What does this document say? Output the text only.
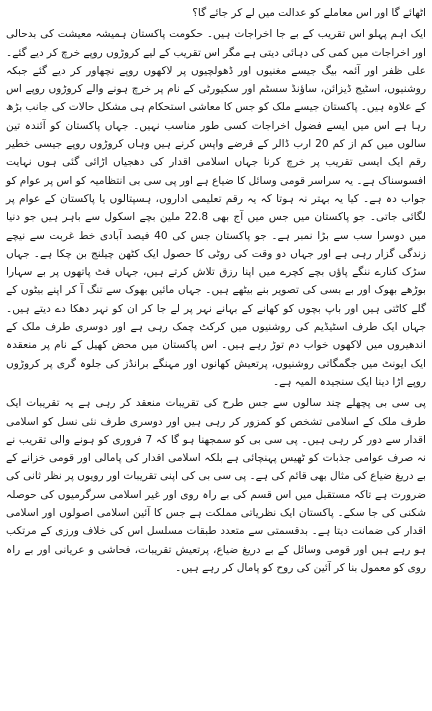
اٹھائے گا اور اس معاملے کو عدالت میں لے کر جائے گا؟

ایک اہم پہلو اس تقریب کے بے جا اخراجات ہیں۔ حکومت پاکستان ہمیشہ معیشت کی بدحالی اور اخراجات میں کمی کی دہائی دیتی ہے مگر اس تقریب کے لیے کروڑوں روپے خرچ کر دیے گئے۔ علی ظفر اور آئمہ بیگ جیسے مغنیوں اور ڈھولچیوں پر لاکھوں روپے نچھاور کر دیے گئے جبکہ روشنیوں، اسٹیج ڈیزائن، ساؤنڈ سسٹم اور سکیورٹی کے نام پر خرچ ہونے والے کروڑوں روپے اس کے علاوہ ہیں۔ پاکستان جیسے ملک کو جس کا معاشی استحکام ہی مشکل حالات کی جانب بڑھ رہا ہے اس میں ایسے فضول اخراجات کسی طور مناسب نہیں۔ جہاں پاکستان کو آئندہ تین سالوں میں کم از کم 20 ارب ڈالر کے قرضے واپس کرنے ہیں وہاں کروڑوں روپے جیسی خطیر رقم ایک ایسی تقریب پر خرچ کرنا جہاں اسلامی اقدار کی دھجیاں اڑائی گئی ہوں نہایت افسوسناک ہے۔ یہ سراسر قومی وسائل کا ضیاع ہے اور پی سی بی انتظامیہ کو اس پر عوام کو جواب دہ ہے۔ کیا یہ بہتر نہ ہوتا کہ یہ رقم تعلیمی اداروں، ہسپتالوں یا پاکستان کے عوام پر لگائی جاتی۔ جو پاکستان میں جس میں آج بھی 22.8 ملین بچے اسکول سے باہر ہیں جو دنیا میں دوسرا سب سے بڑا نمبر ہے۔ جو پاکستان جس کی 40 فیصد آبادی خط غربت سے نیچے زندگی گزار رہی ہے اور جہاں دو وقت کی روٹی کا حصول ایک کٹھن چیلنج بن چکا ہے۔ جہاں سڑک کنارے ننگے پاؤں بچے کچرے میں اپنا رزق تلاش کرتے ہیں، جہاں فٹ پاتھوں پر بے سہارا بوڑھے بھوک اور بے بسی کی تصویر بنے بیٹھے ہیں۔ جہاں مائیں بھوک سے تنگ آ کر اپنے بیٹوں کے گلے کاٹتی ہیں اور باپ بچوں کو کھانے کے بہانے نہر پر لے جا کر ان کو نہر دھکا دے دیتے ہیں۔ جہاں ایک طرف اسٹیڈیم کی روشنیوں میں کرکٹ چمک رہی ہے اور دوسری طرف ملک کے اندھیروں میں لاکھوں خواب دم توڑ رہے ہیں۔ اس پاکستان میں محض کھیل کے نام پر منعقدہ ایک ایونٹ میں جگمگاتی روشنیوں، پرتعیش کھانوں اور مہنگے برانڈز کی جلوہ گری پر کروڑوں روپے اڑا دینا ایک سنجیدہ المیہ ہے۔

پی سی بی پچھلے چند سالوں سے جس طرح کی تقریبات منعقد کر رہی ہے یہ تقریبات ایک طرف ملک کے اسلامی تشخص کو کمزور کر رہی ہیں اور دوسری طرف نئی نسل کو اسلامی اقدار سے دور کر رہی ہیں۔ پی سی بی کو سمجھنا ہو گا کہ 7 فروری کو ہونے والی تقریب نے نہ صرف عوامی جذبات کو ٹھیس پہنچائی ہے بلکہ اسلامی اقدار کی پامالی اور قومی خزانے کے بے دریغ ضیاع کی مثال بھی قائم کی ہے۔ پی سی بی کی اپنی تقریبات اور رویوں پر نظر ثانی کی ضرورت ہے تاکہ مستقبل میں اس قسم کی بے راہ روی اور غیر اسلامی سرگرمیوں کی حوصلہ شکنی کی جا سکے۔ پاکستان ایک نظریاتی مملکت ہے جس کا آئین اسلامی اصولوں اور اسلامی اقدار کی ضمانت دیتا ہے۔ بدقسمتی سے متعدد طبقات مسلسل اس کی خلاف ورزی کے مرتکب ہو رہے ہیں اور قومی وسائل کے بے دریغ ضیاع، پرتعیش تقریبات، فحاشی و عریانی اور بے راہ روی کو معمول بنا کر آئین کی روح کو پامال کر رہے ہیں۔
